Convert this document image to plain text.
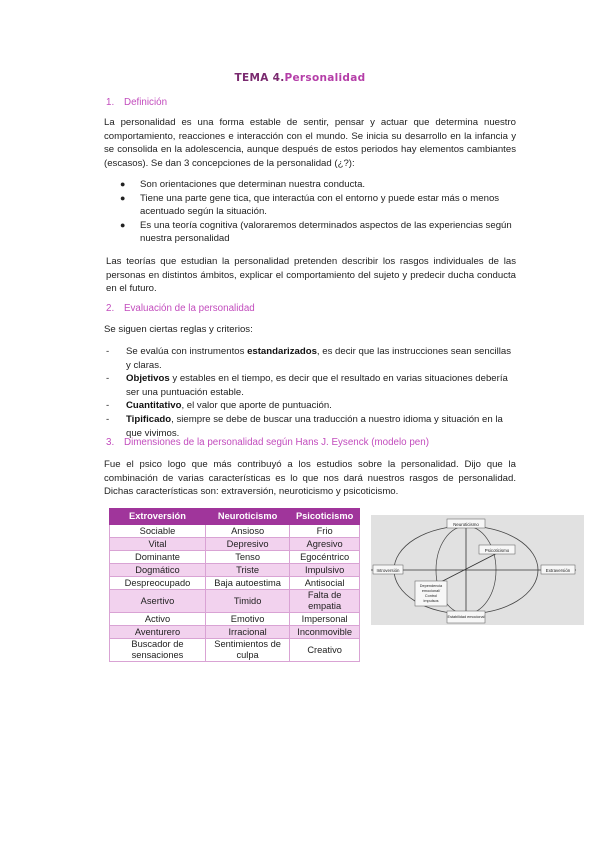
TEMA 4.Personalidad
1. Definición
La personalidad es una forma estable de sentir, pensar y actuar que determina nuestro comportamiento, reacciones e interacción con el mundo. Se inicia su desarrollo en la infancia y se consolida en la adolescencia, aunque después de estos periodos hay elementos cambiantes (escasos). Se dan 3 concepciones de la personalidad (¿?):
● Son orientaciones que determinan nuestra conducta.
● Tiene una parte gene tica, que interactúa con el entorno y puede estar más o menos acentuado según la situación.
● Es una teoría cognitiva (valoraremos determinados aspectos de las experiencias según nuestra personalidad
Las teorías que estudian la personalidad pretenden describir los rasgos individuales de las personas en distintos ámbitos, explicar el comportamiento del sujeto y predecir ducha conducta en el futuro.
2. Evaluación de la personalidad
Se siguen ciertas reglas y criterios:
- Se evalúa con instrumentos estandarizados, es decir que las instrucciones sean sencillas y claras.
- Objetivos y estables en el tiempo, es decir que el resultado en varias situaciones debería ser una puntuación estable.
- Cuantitativo, el valor que aporte de puntuación.
- Tipificado, siempre se debe de buscar una traducción a nuestro idioma y situación en la que vivimos.
3. Dimensiones de la personalidad según Hans J. Eysenck (modelo pen)
Fue el psico logo que más contribuyó a los estudios sobre la personalidad. Dijo que la combinación de varias características es lo que nos dará nuestros rasgos de personalidad. Dichas características son: extraversión, neuroticismo y psicoticismo.
Extroversión	Neuroticismo	Psicoticismo
Sociable	Ansioso	Frio
Vital	Depresivo	Agresivo
Dominante	Tenso	Egocéntrico
Dogmático	Triste	Impulsivo
Despreocupado	Baja autoestima	Antisocial
Asertivo	Timido	Falta de empatia
Activo	Emotivo	Impersonal
Aventurero	Irracional	Inconmovible
Buscador de sensaciones	Sentimientos de culpa	Creativo
Neuroticismo
Introversión	Extraversión
Psicoticismo
Estabilidad emocional
Dependencia
emocional/
Control
impulsos
